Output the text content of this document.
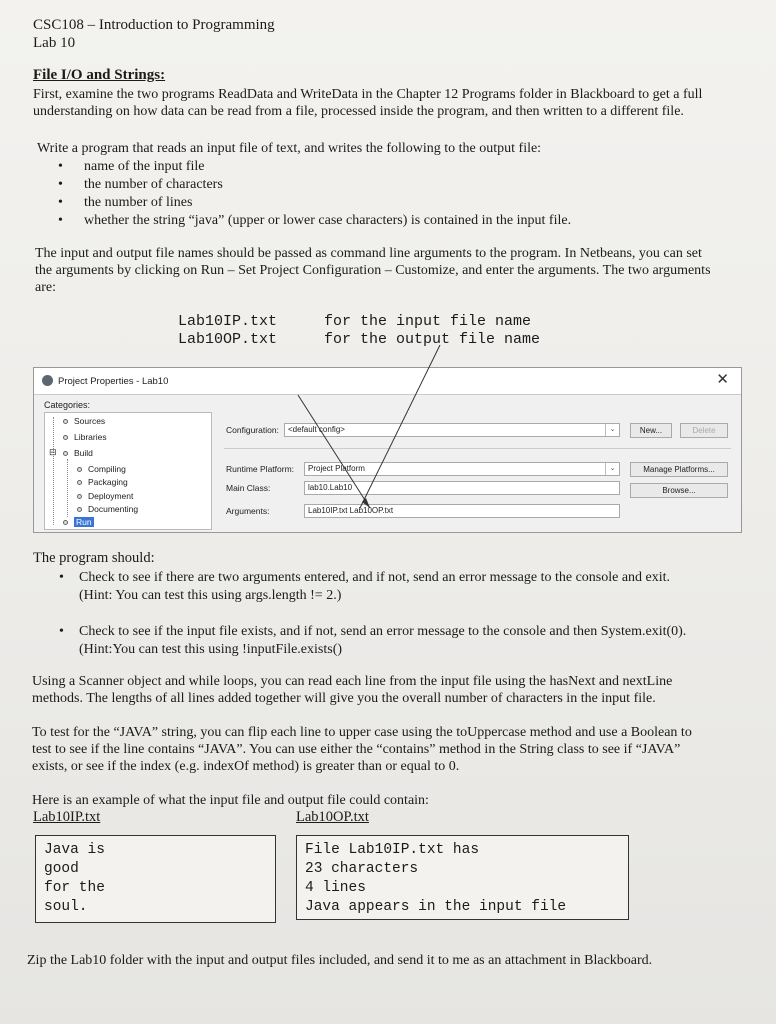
CSC108 – Introduction to Programming
Lab 10
File I/O and Strings:
First, examine the two programs ReadData and WriteData in the Chapter 12 Programs folder in Blackboard to get a full
understanding on how data can be read from a file, processed inside the program, and then written to a different file.
Write a program that reads an input file of text, and writes the following to the output file:
• name of the input file
• the number of characters
• the number of lines
• whether the string “java” (upper or lower case characters) is contained in the input file.
The input and output file names should be passed as command line arguments to the program. In Netbeans, you can set
the arguments by clicking on Run – Set Project Configuration – Customize, and enter the arguments. The two arguments
are:
Lab10IP.txt	for the input file name
Lab10OP.txt	for the output file name
Project Properties - Lab10	✕
Categories:
⊟
Sources
Libraries
Build
Compiling
Packaging
Deployment
Documenting
Run
Configuration:	<default config>	⌄	New...	Delete
Runtime Platform:	Project Platform	⌄	Manage Platforms...
Main Class:	lab10.Lab10	Browse...
Arguments:	Lab10IP.txt Lab10OP.txt
The program should:
• Check to see if there are two arguments entered, and if not, send an error message to the console and exit.
(Hint: You can test this using args.length != 2.)
• Check to see if the input file exists, and if not, send an error message to the console and then System.exit(0).
(Hint:You can test this using !inputFile.exists()
Using a Scanner object and while loops, you can read each line from the input file using the hasNext and nextLine
methods. The lengths of all lines added together will give you the overall number of characters in the input file.
To test for the “JAVA” string, you can flip each line to upper case using the toUppercase method and use a Boolean to
test to see if the line contains “JAVA”. You can use either the “contains” method in the String class to see if “JAVA”
exists, or see if the index (e.g. indexOf method) is greater than or equal to 0.
Here is an example of what the input file and output file could contain:
Lab10IP.txt	Lab10OP.txt
Java is
good
for the
soul.
File Lab10IP.txt has
23 characters
4 lines
Java appears in the input file
Zip the Lab10 folder with the input and output files included, and send it to me as an attachment in Blackboard.
